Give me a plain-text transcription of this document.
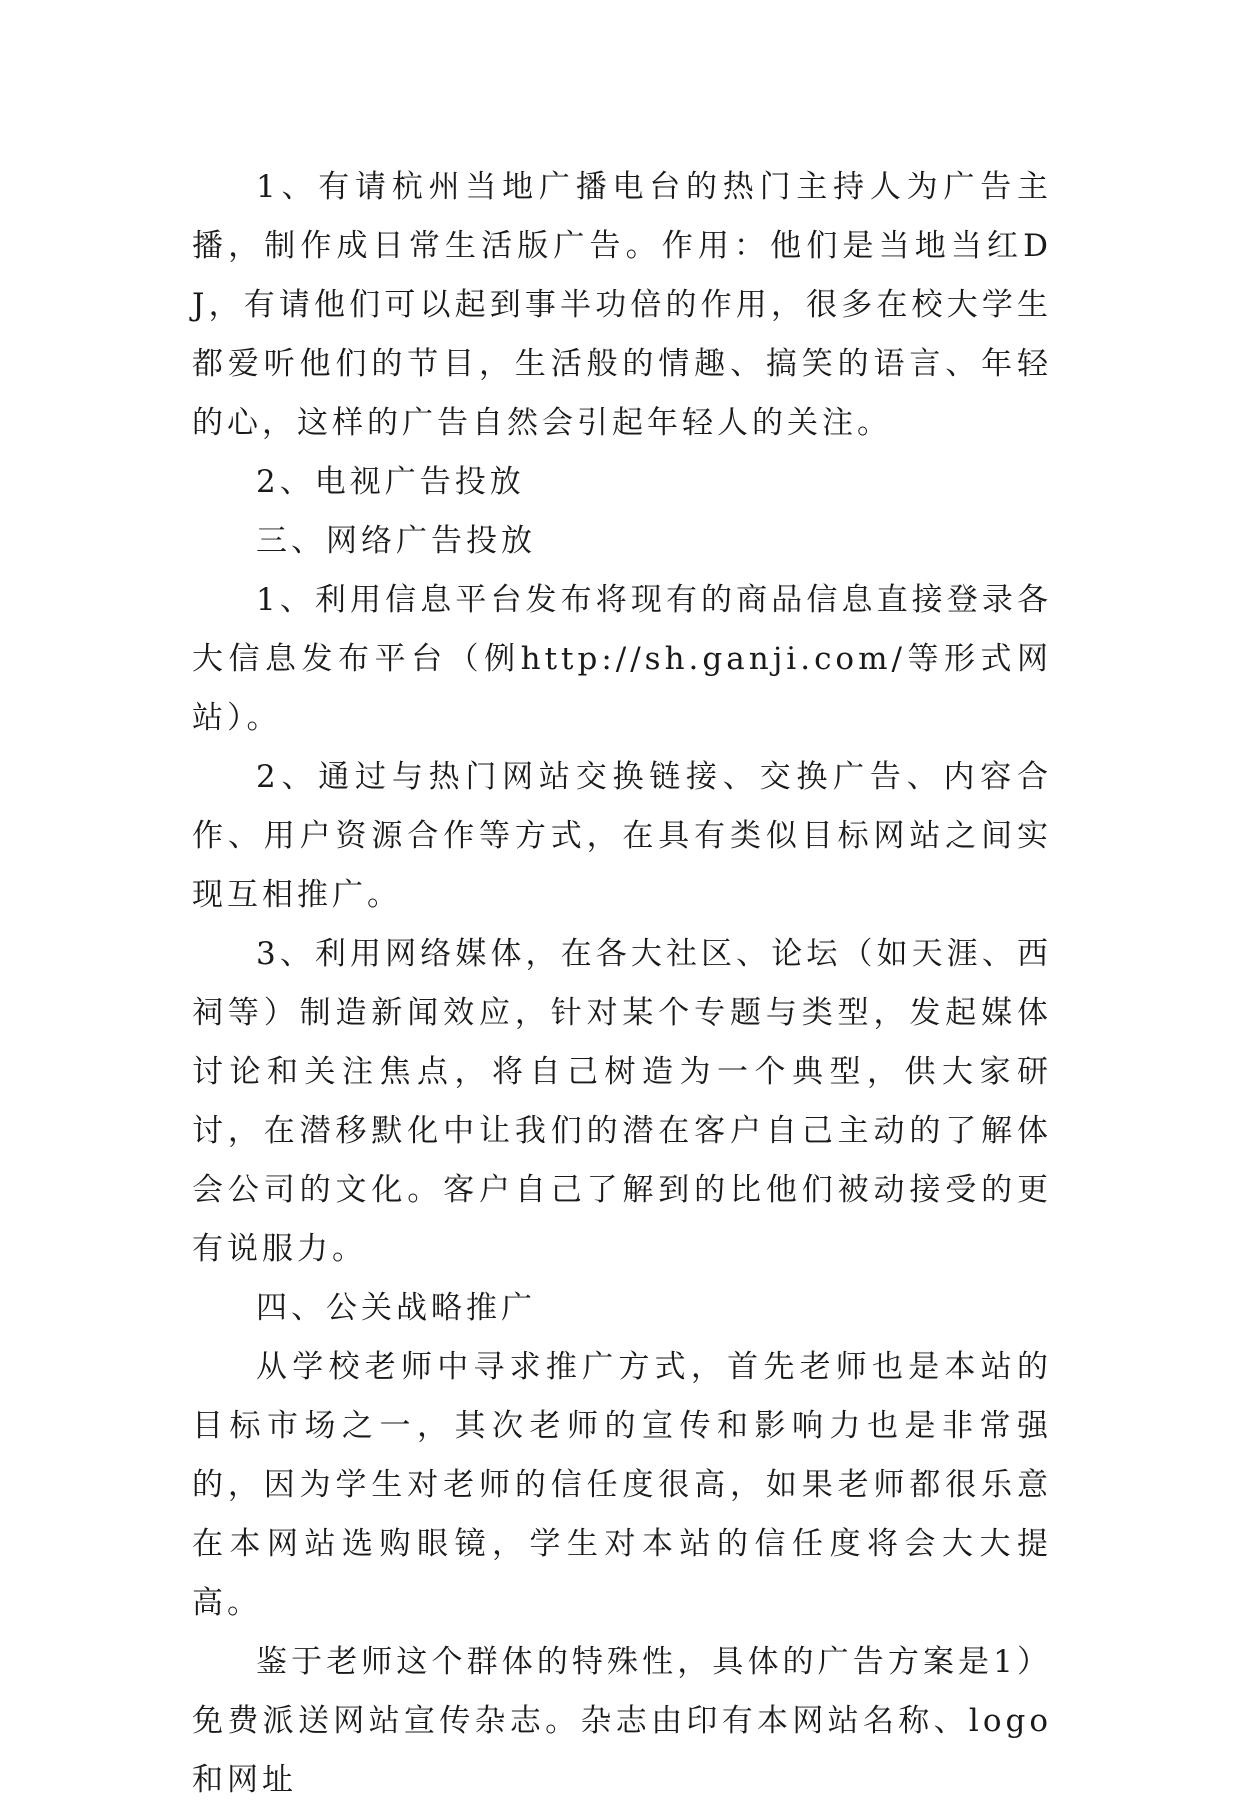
1、有请杭州当地广播电台的热门主持人为广告主播，制作成日常生活版广告。作用：他们是当地当红DJ，有请他们可以起到事半功倍的作用，很多在校大学生都爱听他们的节目，生活般的情趣、搞笑的语言、年轻的心，这样的广告自然会引起年轻人的关注。

2、电视广告投放

三、网络广告投放

1、利用信息平台发布将现有的商品信息直接登录各大信息发布平台（例http://sh.ganji.com/等形式网站）。

2、通过与热门网站交换链接、交换广告、内容合作、用户资源合作等方式，在具有类似目标网站之间实现互相推广。

3、利用网络媒体，在各大社区、论坛（如天涯、西祠等）制造新闻效应，针对某个专题与类型，发起媒体讨论和关注焦点，将自己树造为一个典型，供大家研讨，在潜移默化中让我们的潜在客户自己主动的了解体会公司的文化。客户自己了解到的比他们被动接受的更有说服力。

四、公关战略推广

从学校老师中寻求推广方式，首先老师也是本站的目标市场之一，其次老师的宣传和影响力也是非常强的，因为学生对老师的信任度很高，如果老师都很乐意在本网站选购眼镜，学生对本站的信任度将会大大提高。

鉴于老师这个群体的特殊性，具体的广告方案是1）免费派送网站宣传杂志。杂志由印有本网站名称、logo和网址
